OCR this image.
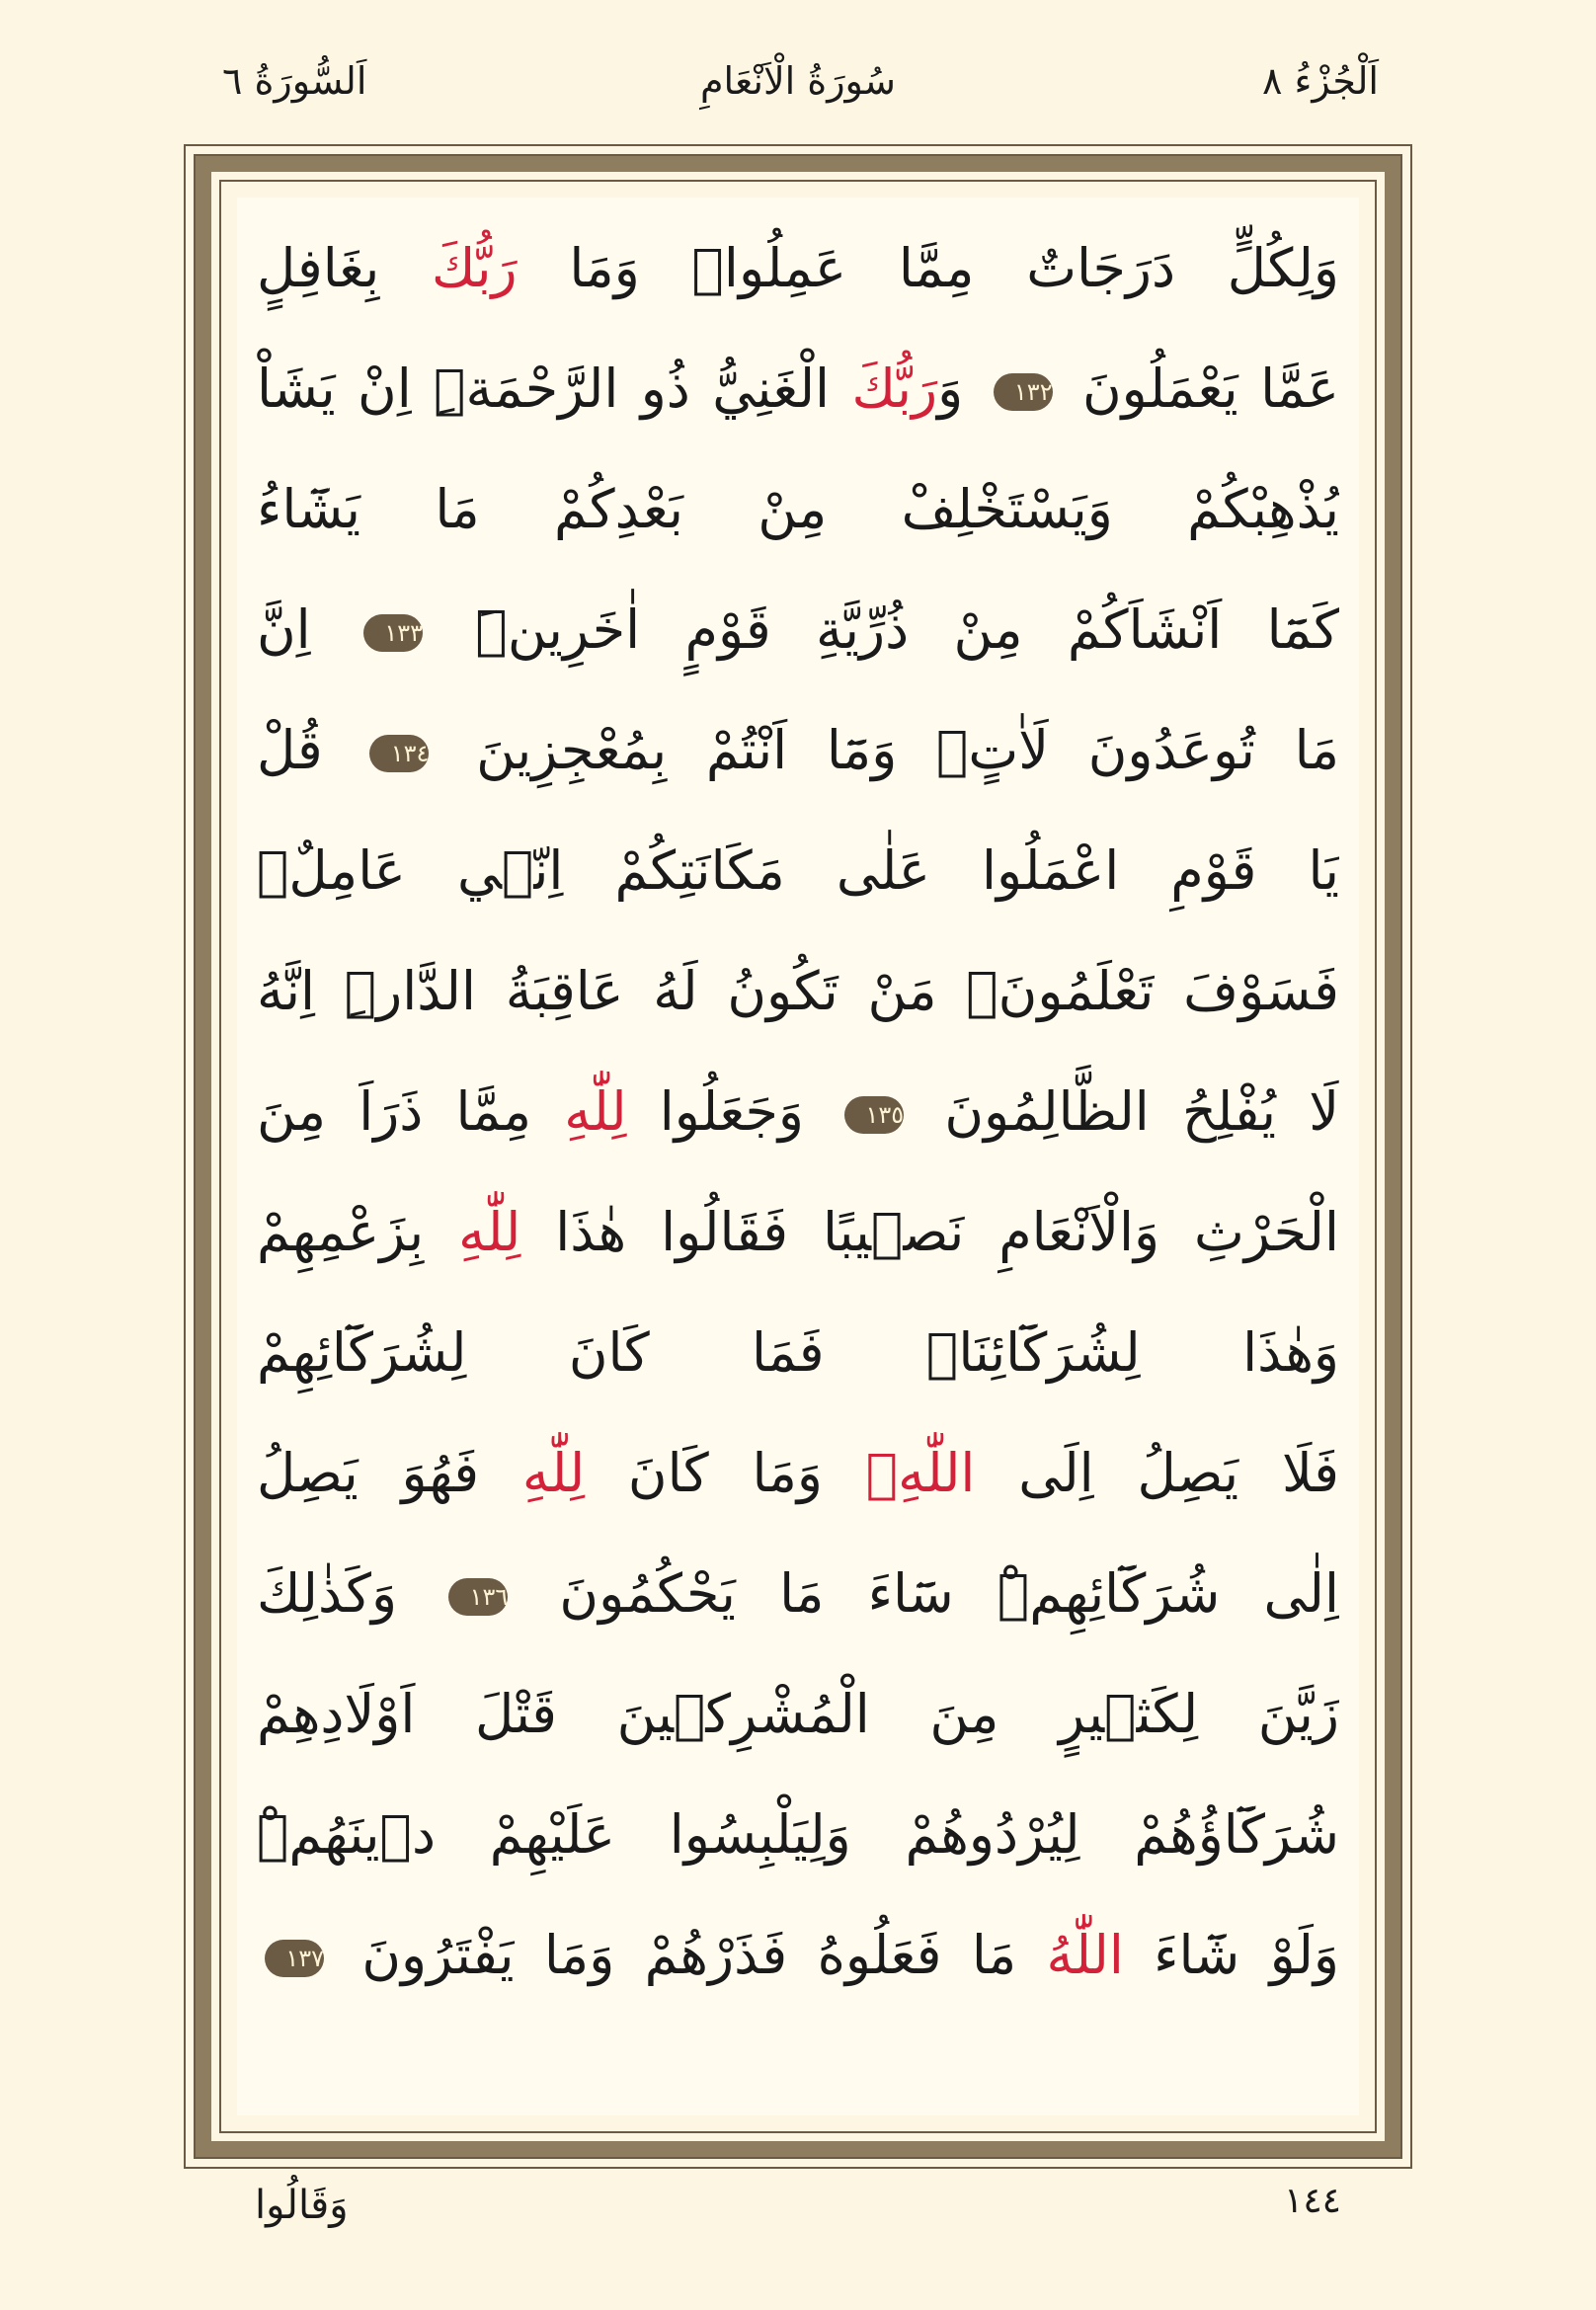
اَلْجُزْءُ ٨
سُورَةُ الْاَنْعَامِ
اَلسُّورَةُ ٦
وَلِكُلٍّ دَرَجَاتٌ مِمَّا عَمِلُواۜ وَمَا رَبُّكَ بِغَافِلٍ
عَمَّا يَعْمَلُونَ ١٣٢ وَرَبُّكَ الْغَنِيُّ ذُو الرَّحْمَةِۜ اِنْ يَشَاْ
يُذْهِبْكُمْ وَيَسْتَخْلِفْ مِنْ بَعْدِكُمْ مَا يَشَٓاءُ
كَمَٓا اَنْشَاَكُمْ مِنْ ذُرِّيَّةِ قَوْمٍ اٰخَرِينَۜ ١٣٣ اِنَّ
مَا تُوعَدُونَ لَاٰتٍۙ وَمَٓا اَنْتُمْ بِمُعْجِزِينَ ١٣٤ قُلْ
يَا قَوْمِ اعْمَلُوا عَلٰى مَكَانَتِكُمْ اِنّ۪ي عَامِلٌۚ
فَسَوْفَ تَعْلَمُونَۙ مَنْ تَكُونُ لَهُ عَاقِبَةُ الدَّارِۜ اِنَّهُ
لَا يُفْلِحُ الظَّالِمُونَ ١٣٥ وَجَعَلُوا لِلّٰهِ مِمَّا ذَرَاَ مِنَ
الْحَرْثِ وَالْاَنْعَامِ نَص۪يبًا فَقَالُوا هٰذَا لِلّٰهِ بِزَعْمِهِمْ
وَهٰذَا لِشُرَكَٓائِنَاۚ فَمَا كَانَ لِشُرَكَٓائِهِمْ
فَلَا يَصِلُ اِلَى اللّٰهِۚ وَمَا كَانَ لِلّٰهِ فَهُوَ يَصِلُ
اِلٰى شُرَكَٓائِهِمْۜ سَٓاءَ مَا يَحْكُمُونَ ١٣٦ وَكَذٰلِكَ
زَيَّنَ لِكَث۪يرٍ مِنَ الْمُشْرِك۪ينَ قَتْلَ اَوْلَادِهِمْ
شُرَكَٓاؤُهُمْ لِيُرْدُوهُمْ وَلِيَلْبِسُوا عَلَيْهِمْ د۪ينَهُمْۜ
وَلَوْ شَٓاءَ اللّٰهُ مَا فَعَلُوهُ فَذَرْهُمْ وَمَا يَفْتَرُونَ ١٣٧
وَقَالُوا	١٤٤
